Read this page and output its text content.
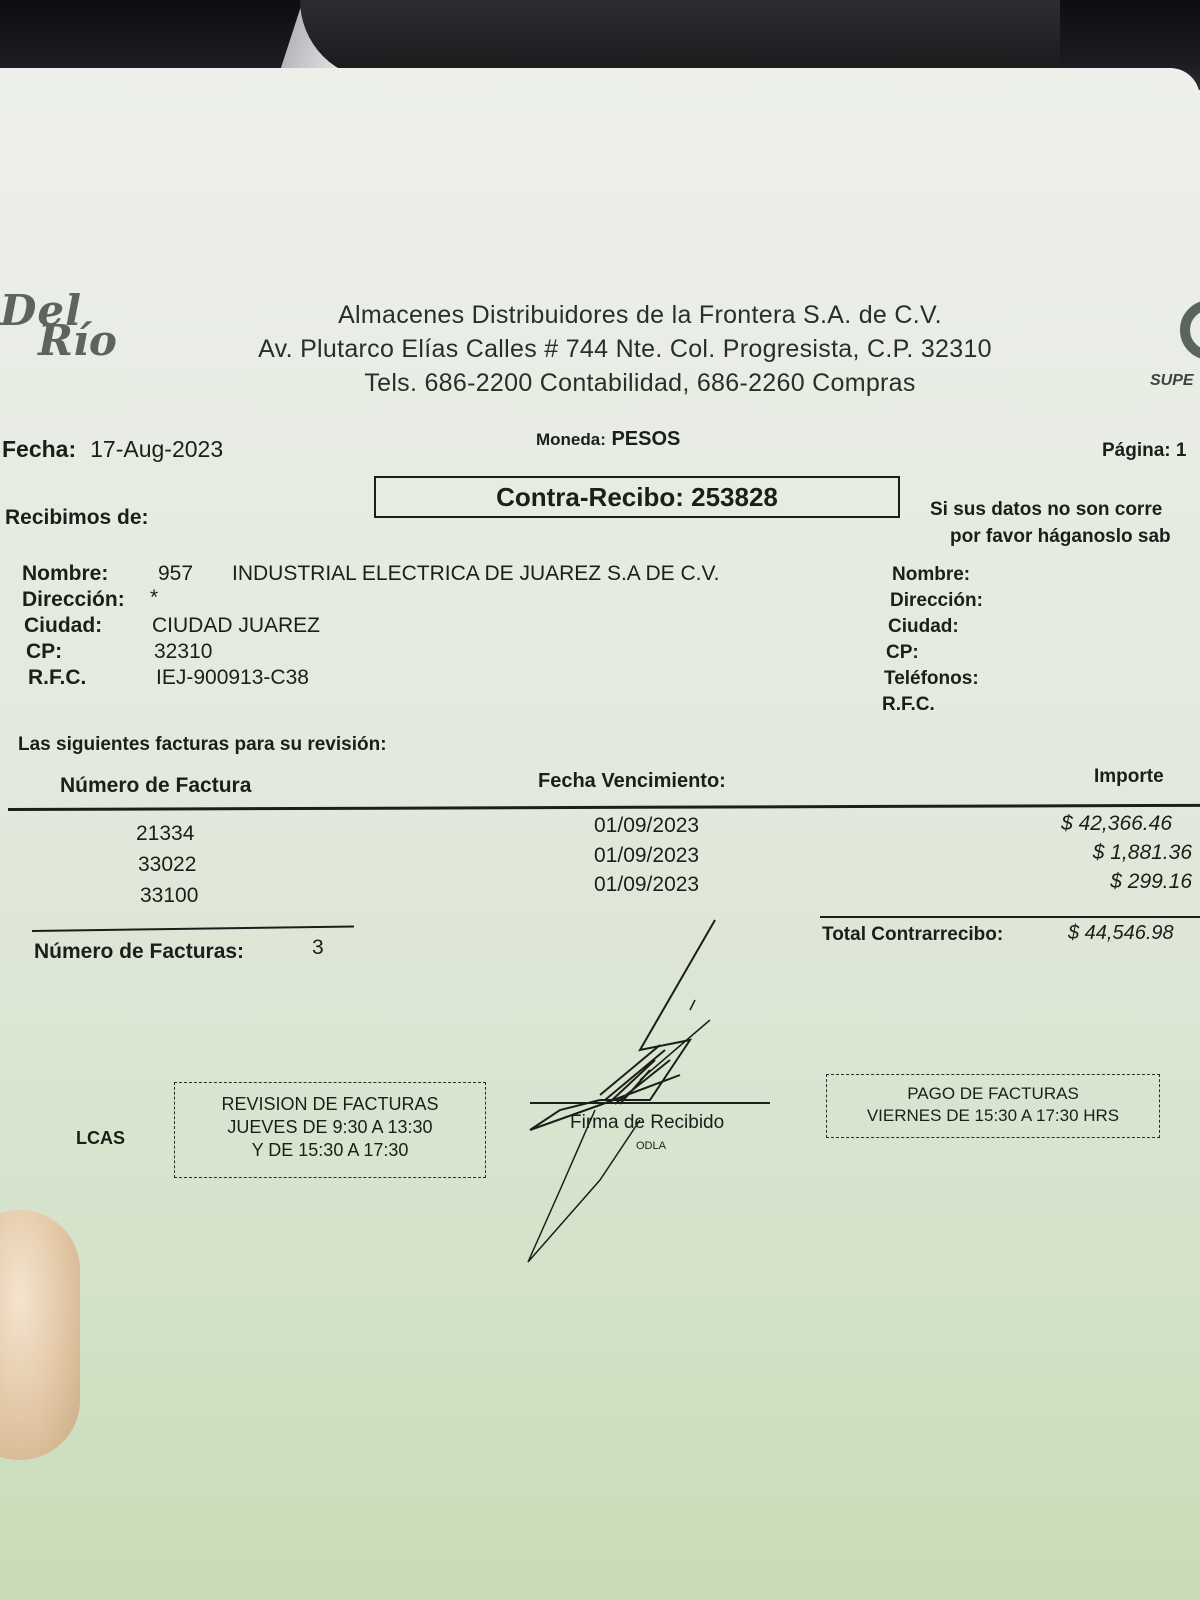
Del
Río
SUPE
Almacenes Distribuidores de la Frontera S.A. de C.V.
Av. Plutarco Elías Calles # 744 Nte. Col. Progresista, C.P. 32310
Tels. 686-2200 Contabilidad, 686-2260 Compras
Fecha: 17-Aug-2023	Moneda: PESOS
Página: 1
Recibimos de:
Contra-Recibo: 253828	Si sus datos no son corre
por favor háganoslo sab
Nombre: 957 INDUSTRIAL ELECTRICA DE JUAREZ S.A DE C.V.
Dirección: *
Ciudad: CIUDAD JUAREZ
CP:	32310
R.F.C.	IEJ-900913-C38
Nombre:
Dirección:
Ciudad:
CP:
Teléfonos:
R.F.C.
Las siguientes facturas para su revisión:
Número de Factura	Fecha Vencimiento:	Importe
21334	01/09/2023	$ 42,366.46
33022	01/09/2023	$ 1,881.36
33100	01/09/2023	$ 299.16
Número de Facturas:	3
Total Contrarrecibo:	$ 44,546.98
LCAS
REVISION DE FACTURAS
JUEVES DE 9:30 A 13:30
Y DE 15:30 A 17:30
Firma de Recibido
ODLA
PAGO DE FACTURAS
VIERNES DE 15:30 A 17:30 HRS
